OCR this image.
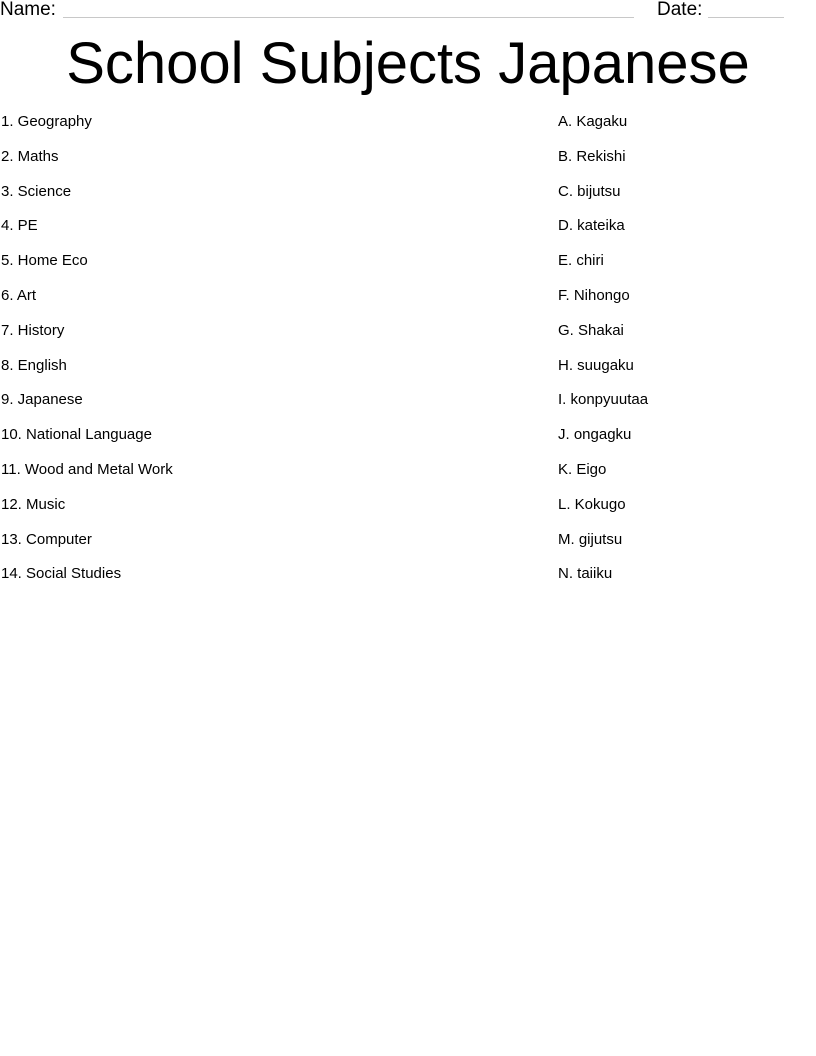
Name:	Date:
School Subjects Japanese
1. Geography
2. Maths
3. Science
4. PE
5. Home Eco
6. Art
7. History
8. English
9. Japanese
10. National Language
11. Wood and Metal Work
12. Music
13. Computer
14. Social Studies
A. Kagaku
B. Rekishi
C. bijutsu
D. kateika
E. chiri
F. Nihongo
G. Shakai
H. suugaku
I. konpyuutaa
J. ongagku
K. Eigo
L. Kokugo
M. gijutsu
N. taiiku
